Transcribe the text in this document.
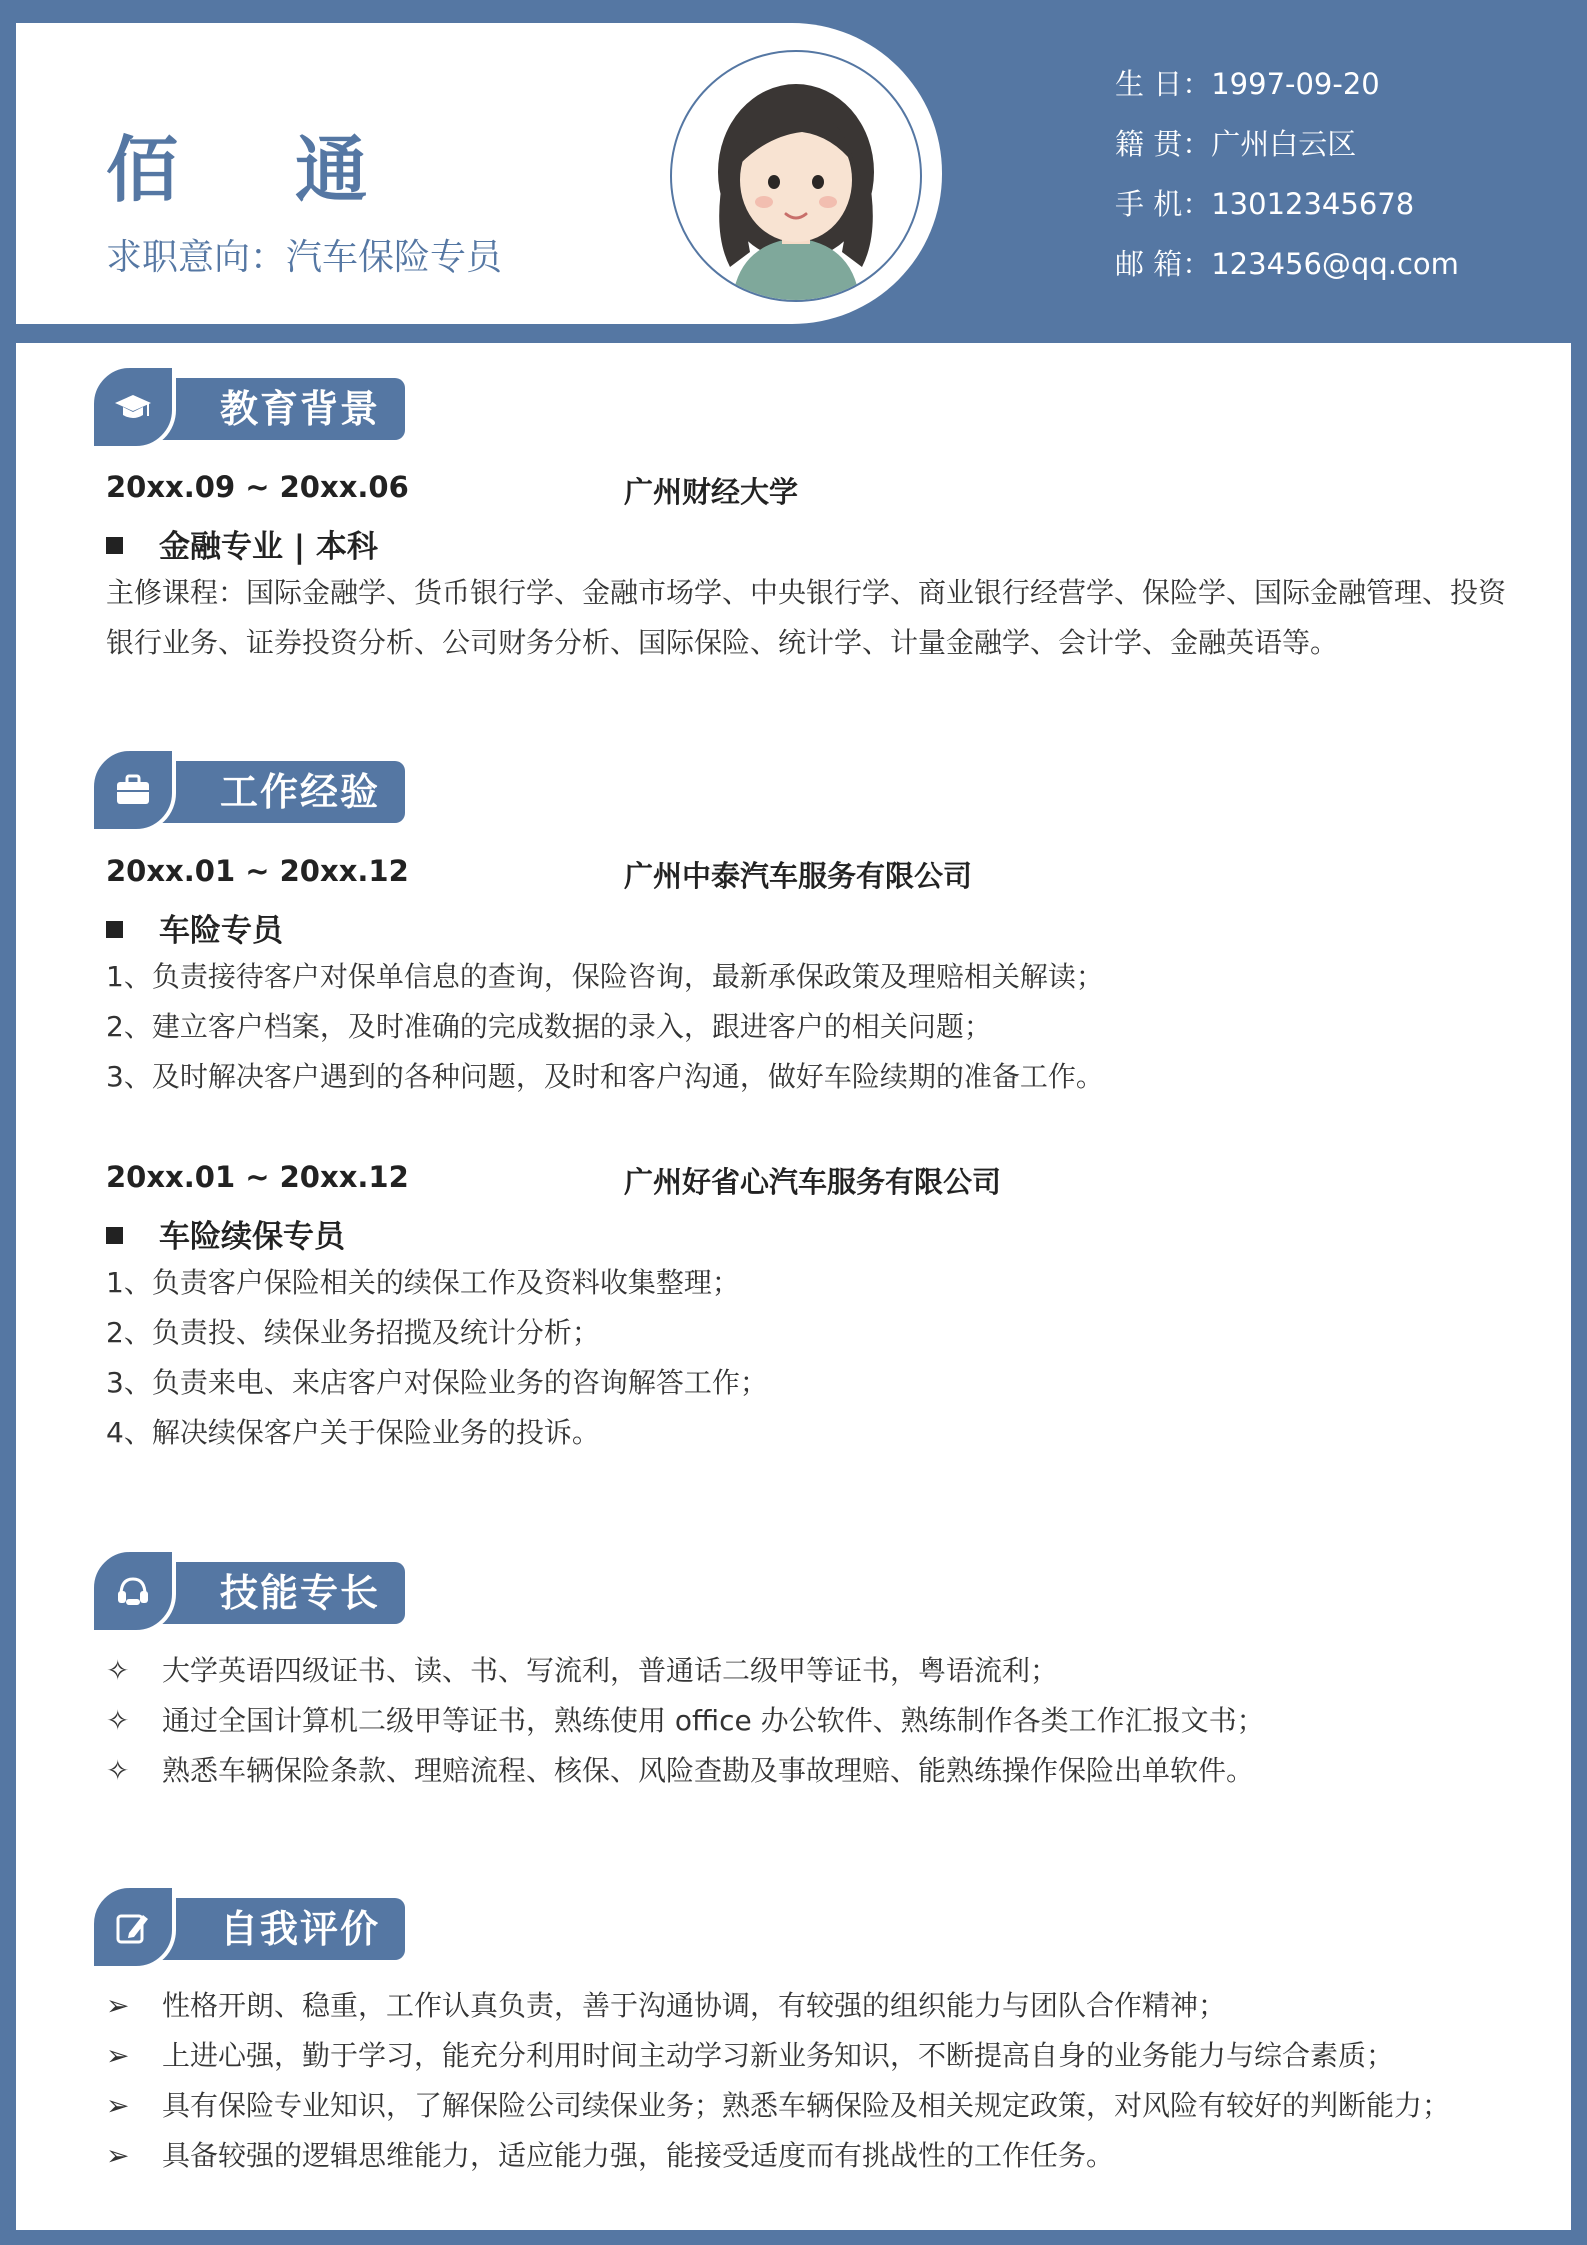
佰 通
求职意向：汽车保险专员
生 日：1997-09-20
籍 贯：广州白云区
手 机：13012345678
邮 箱：123456@qq.com
教育背景
20xx.09 ~ 20xx.06	广州财经大学
金融专业 | 本科
主修课程：国际金融学、货币银行学、金融市场学、中央银行学、商业银行经营学、保险学、国际金融管理、投资银行业务、证券投资分析、公司财务分析、国际保险、统计学、计量金融学、会计学、金融英语等。
工作经验
20xx.01 ~ 20xx.12	广州中泰汽车服务有限公司
车险专员
1、负责接待客户对保单信息的查询，保险咨询，最新承保政策及理赔相关解读；
2、建立客户档案，及时准确的完成数据的录入，跟进客户的相关问题；
3、及时解决客户遇到的各种问题，及时和客户沟通，做好车险续期的准备工作。
20xx.01 ~ 20xx.12	广州好省心汽车服务有限公司
车险续保专员
1、负责客户保险相关的续保工作及资料收集整理；
2、负责投、续保业务招揽及统计分析；
3、负责来电、来店客户对保险业务的咨询解答工作；
4、解决续保客户关于保险业务的投诉。
技能专长
✧ 大学英语四级证书、读、书、写流利，普通话二级甲等证书，粤语流利；
✧ 通过全国计算机二级甲等证书，熟练使用 office 办公软件、熟练制作各类工作汇报文书；
✧ 熟悉车辆保险条款、理赔流程、核保、风险查勘及事故理赔、能熟练操作保险出单软件。
自我评价
➢ 性格开朗、稳重，工作认真负责，善于沟通协调，有较强的组织能力与团队合作精神；
➢ 上进心强，勤于学习，能充分利用时间主动学习新业务知识，不断提高自身的业务能力与综合素质；
➢ 具有保险专业知识，了解保险公司续保业务；熟悉车辆保险及相关规定政策，对风险有较好的判断能力；
➢ 具备较强的逻辑思维能力，适应能力强，能接受适度而有挑战性的工作任务。
